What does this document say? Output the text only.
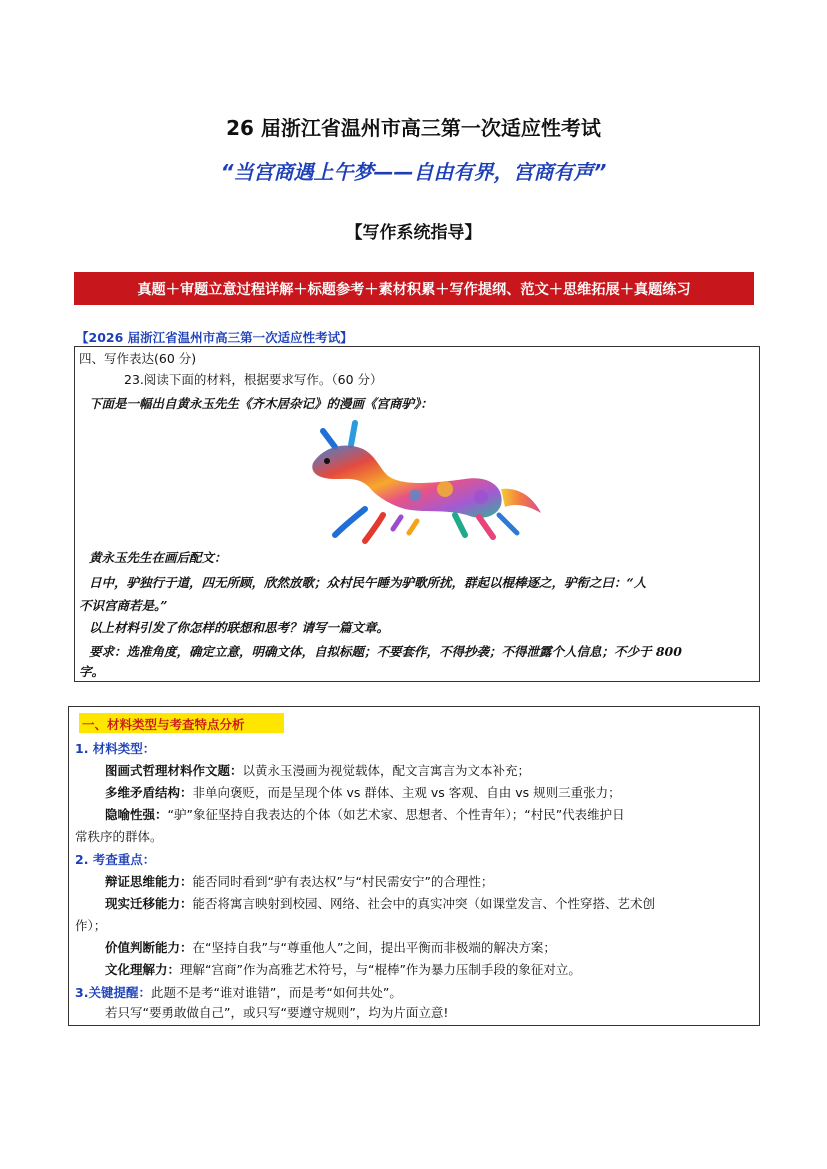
26 届浙江省温州市高三第一次适应性考试
“当宫商遇上午梦——自由有界，宫商有声”
【写作系统指导】
真题＋审题立意过程详解＋标题参考＋素材积累＋写作提纲、范文＋思维拓展＋真题练习
【2026 届浙江省温州市高三第一次适应性考试】
四、写作表达(60 分)
23.阅读下面的材料，根据要求写作。（60 分）
下面是一幅出自黄永玉先生《齐木居杂记》的漫画《宫商驴》：
黄永玉先生在画后配文：
日中，驴独行于道，四无所顾，欣然放歌；众村民午睡为驴歌所扰，群起以棍棒逐之，驴衔之曰：“人
不识宫商若是。”
以上材料引发了你怎样的联想和思考？请写一篇文章。
要求：选准角度，确定立意，明确文体，自拟标题；不要套作，不得抄袭；不得泄露个人信息；不少于 800
字。
一、材料类型与考查特点分析
1. 材料类型：
图画式哲理材料作文题：以黄永玉漫画为视觉载体，配文言寓言为文本补充；
多维矛盾结构：非单向褒贬，而是呈现个体 vs 群体、主观 vs 客观、自由 vs 规则三重张力；
隐喻性强：“驴”象征坚持自我表达的个体（如艺术家、思想者、个性青年）；“村民”代表维护日
常秩序的群体。
2. 考查重点：
辩证思维能力：能否同时看到“驴有表达权”与“村民需安宁”的合理性；
现实迁移能力：能否将寓言映射到校园、网络、社会中的真实冲突（如课堂发言、个性穿搭、艺术创
作）；
价值判断能力：在“坚持自我”与“尊重他人”之间，提出平衡而非极端的解决方案；
文化理解力：理解“宫商”作为高雅艺术符号，与“棍棒”作为暴力压制手段的象征对立。
3.关键提醒：此题不是考“谁对谁错”，而是考“如何共处”。
若只写“要勇敢做自己”，或只写“要遵守规则”，均为片面立意!
